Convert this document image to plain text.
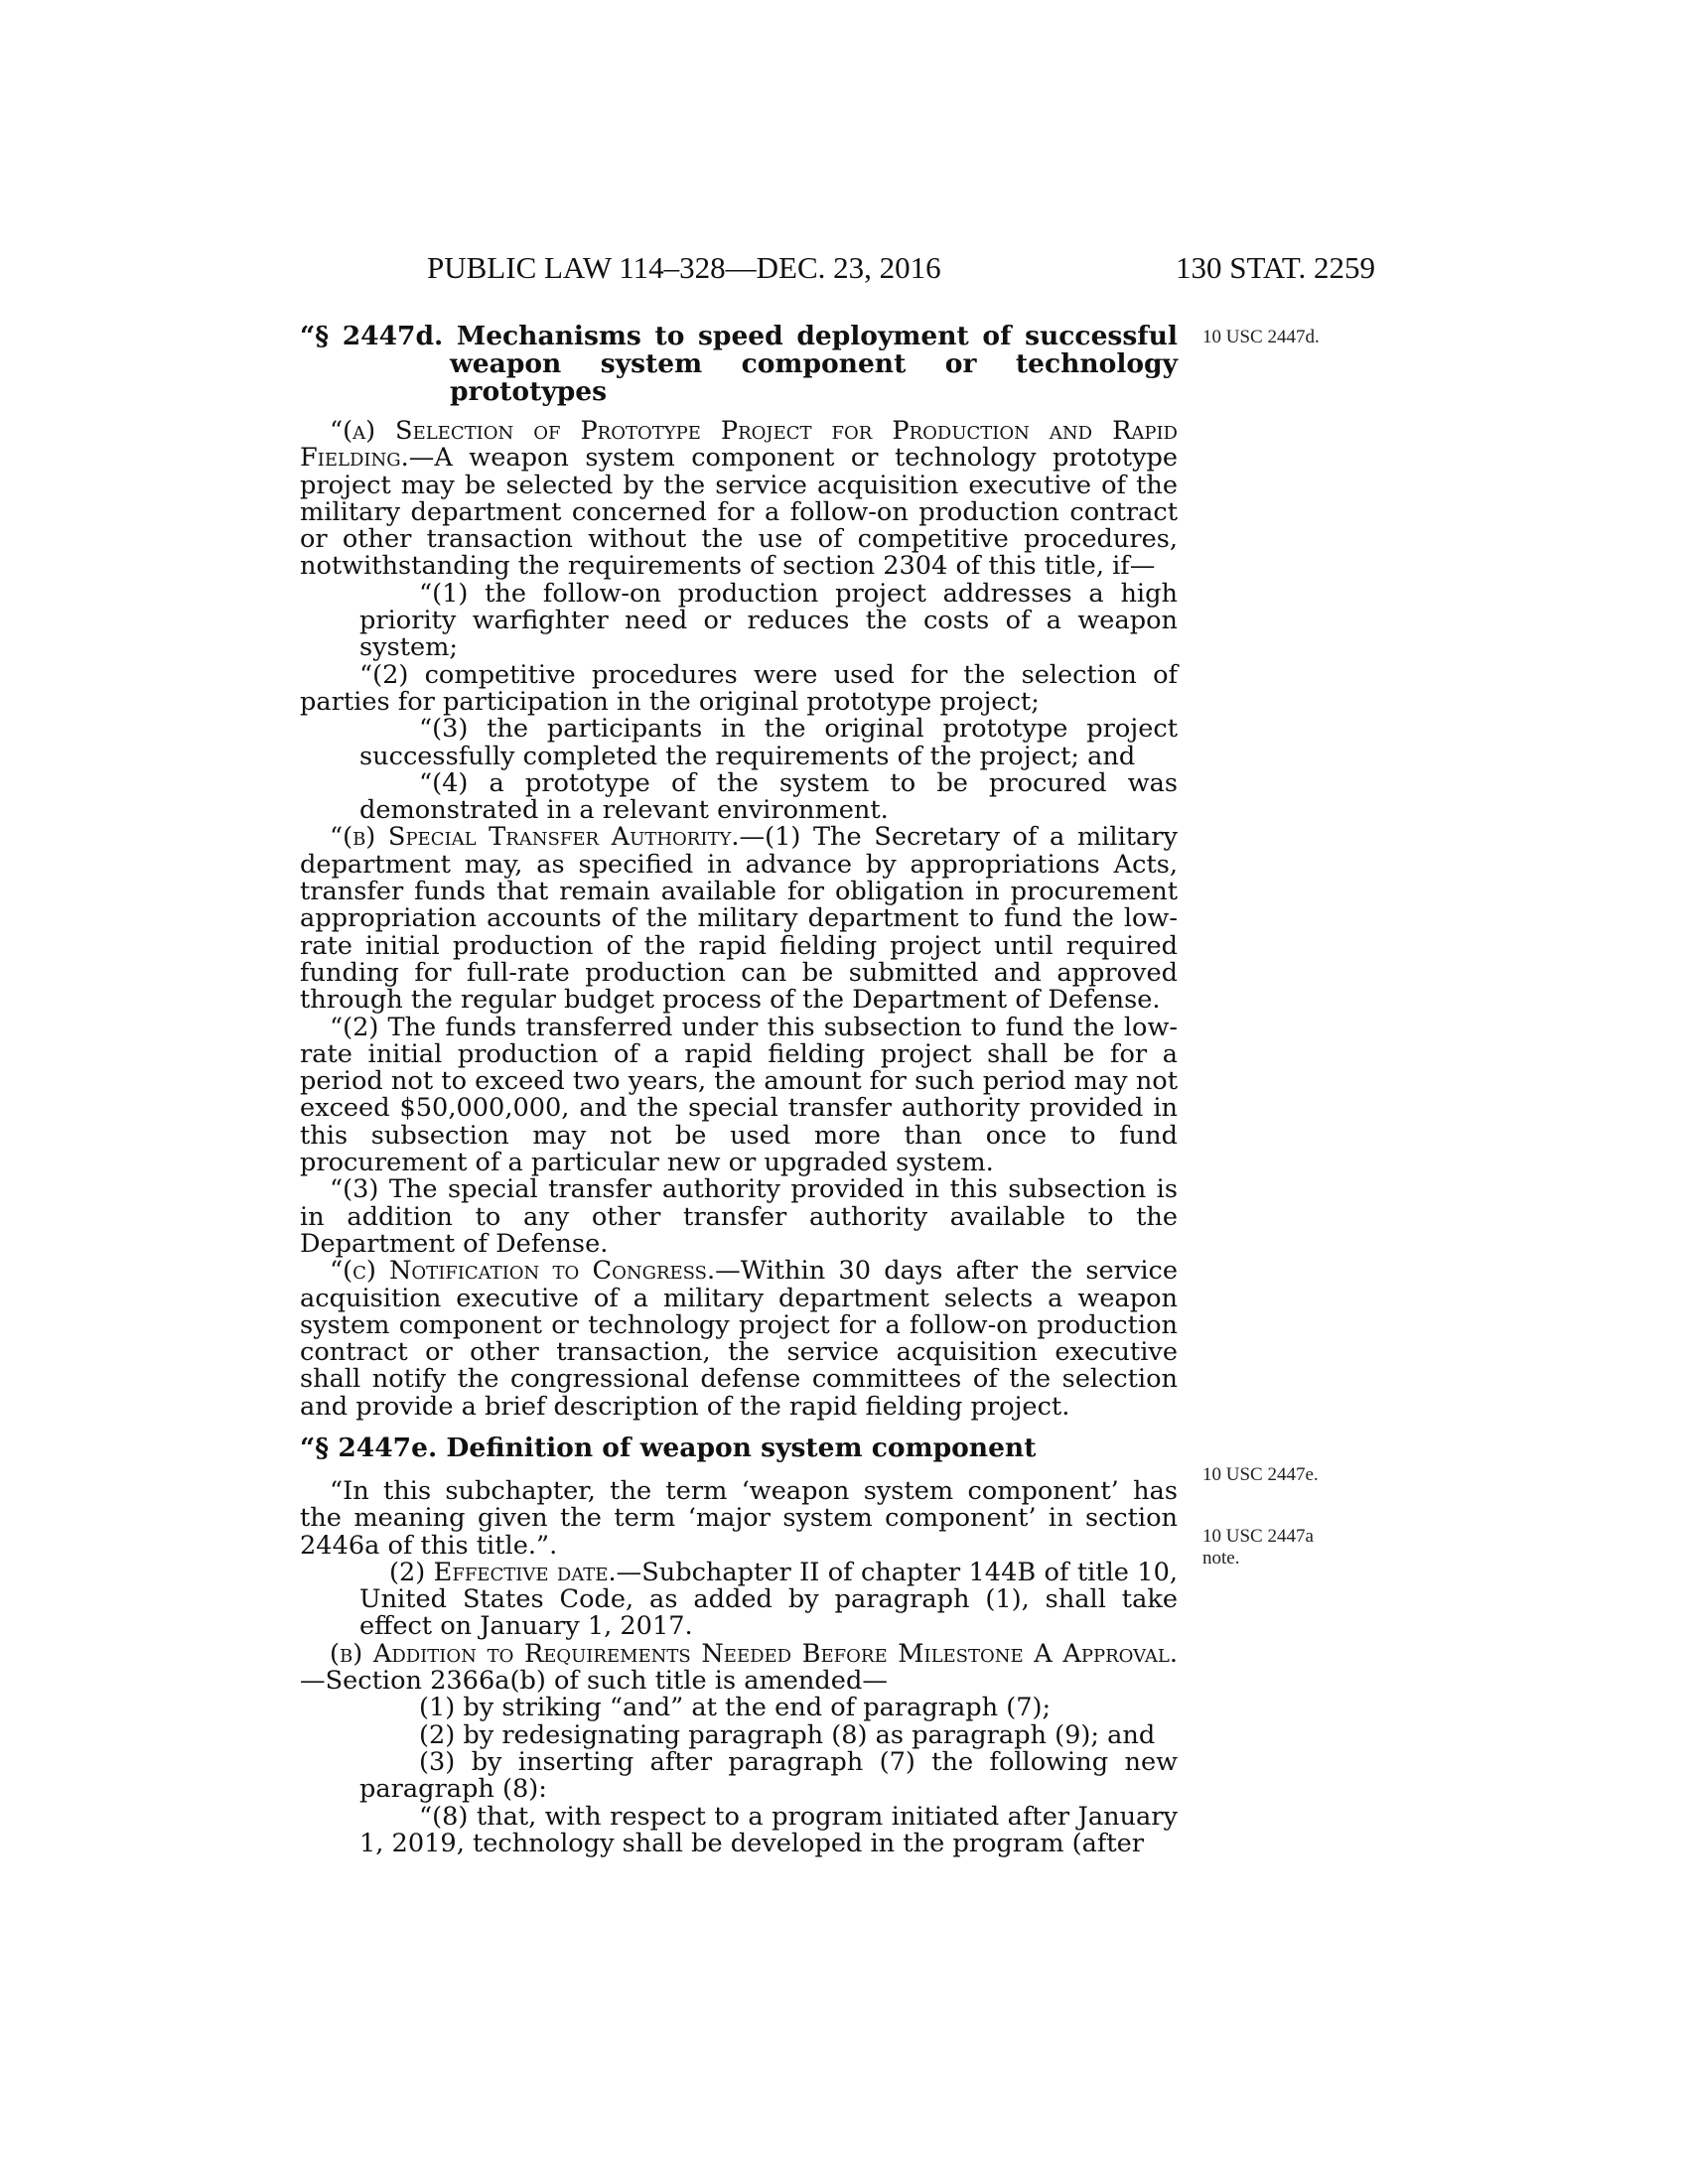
PUBLIC LAW 114–328—DEC. 23, 2016	130 STAT. 2259
10 USC 2447d.
10 USC 2447e.
10 USC 2447a
note.
“§ 2447d. Mechanisms to speed deployment of successful weapon system component or technology prototypes

“(a) Selection of Prototype Project for Production and Rapid Fielding.—A weapon system component or technology prototype project may be selected by the service acquisition executive of the military department concerned for a follow-on production contract or other transaction without the use of competitive procedures, notwithstanding the requirements of section 2304 of this title, if—

“(1) the follow-on production project addresses a high priority warfighter need or reduces the costs of a weapon system;

“(2) competitive procedures were used for the selection of parties for participation in the original prototype project;

“(3) the participants in the original prototype project successfully completed the requirements of the project; and

“(4) a prototype of the system to be procured was demonstrated in a relevant environment.

“(b) Special Transfer Authority.—(1) The Secretary of a military department may, as specified in advance by appropriations Acts, transfer funds that remain available for obligation in procurement appropriation accounts of the military department to fund the low-rate initial production of the rapid fielding project until required funding for full-rate production can be submitted and approved through the regular budget process of the Department of Defense.

“(2) The funds transferred under this subsection to fund the low-rate initial production of a rapid fielding project shall be for a period not to exceed two years, the amount for such period may not exceed $50,000,000, and the special transfer authority provided in this subsection may not be used more than once to fund procurement of a particular new or upgraded system.

“(3) The special transfer authority provided in this subsection is in addition to any other transfer authority available to the Department of Defense.

“(c) Notification to Congress.—Within 30 days after the service acquisition executive of a military department selects a weapon system component or technology project for a follow-on production contract or other transaction, the service acquisition executive shall notify the congressional defense committees of the selection and provide a brief description of the rapid fielding project.

“§ 2447e. Definition of weapon system component

“In this subchapter, the term ‘weapon system component’ has the meaning given the term ‘major system component’ in section 2446a of this title.”.

(2) Effective date.—Subchapter II of chapter 144B of title 10, United States Code, as added by paragraph (1), shall take effect on January 1, 2017.

(b) Addition to Requirements Needed Before Milestone A Approval.—Section 2366a(b) of such title is amended—

(1) by striking “and” at the end of paragraph (7);

(2) by redesignating paragraph (8) as paragraph (9); and

(3) by inserting after paragraph (7) the following new paragraph (8):

“(8) that, with respect to a program initiated after January 1, 2019, technology shall be developed in the program (after
